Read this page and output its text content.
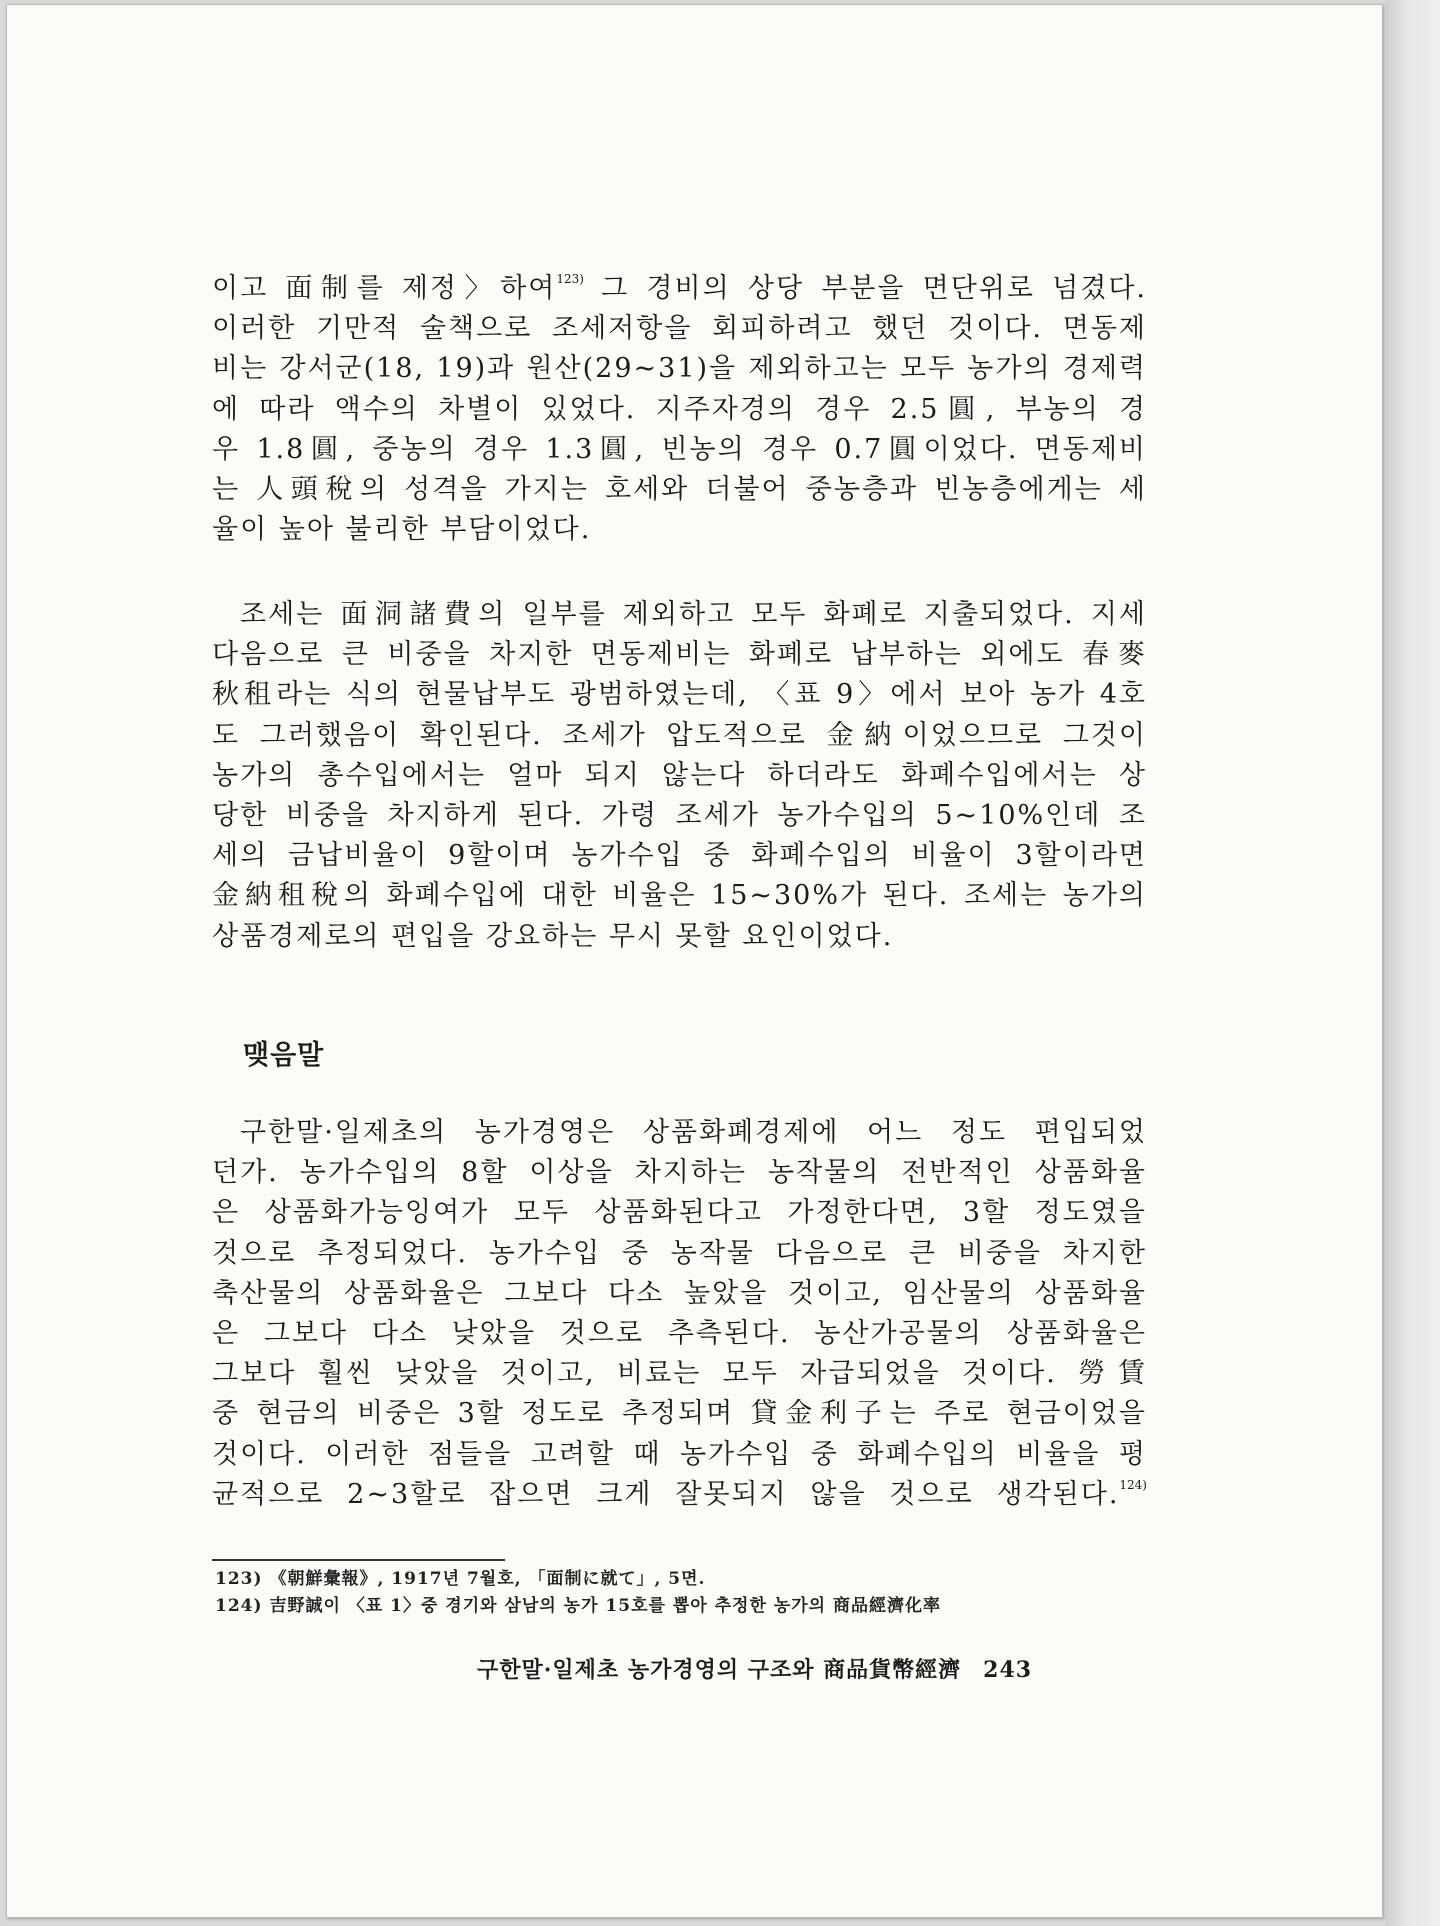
이고 面制를 제정〉하여$^{123)}$ 그 경비의 상당 부분을 면단위로 넘겼다.

이러한 기만적 술책으로 조세저항을 회피하려고 했던 것이다. 면동제

비는 강서군(18, 19)과 원산(29~31)을 제외하고는 모두 농가의 경제력

에 따라 액수의 차별이 있었다. 지주자경의 경우 2.5圓, 부농의 경

우 1.8圓, 중농의 경우 1.3圓, 빈농의 경우 0.7圓이었다. 면동제비

는 人頭稅의 성격을 가지는 호세와 더불어 중농층과 빈농층에게는 세

율이 높아 불리한 부담이었다.

조세는 面洞諸費의 일부를 제외하고 모두 화폐로 지출되었다. 지세

다음으로 큰 비중을 차지한 면동제비는 화폐로 납부하는 외에도 春麥

秋租라는 식의 현물납부도 광범하였는데, 〈표 9〉에서 보아 농가 4호

도 그러했음이 확인된다. 조세가 압도적으로 金納이었으므로 그것이

농가의 총수입에서는 얼마 되지 않는다 하더라도 화폐수입에서는 상

당한 비중을 차지하게 된다. 가령 조세가 농가수입의 5~10%인데 조

세의 금납비율이 9할이며 농가수입 중 화폐수입의 비율이 3할이라면

金納租稅의 화폐수입에 대한 비율은 15~30%가 된다. 조세는 농가의

상품경제로의 편입을 강요하는 무시 못할 요인이었다.

맺음말

구한말·일제초의 농가경영은 상품화폐경제에 어느 정도 편입되었

던가. 농가수입의 8할 이상을 차지하는 농작물의 전반적인 상품화율

은 상품화가능잉여가 모두 상품화된다고 가정한다면, 3할 정도였을

것으로 추정되었다. 농가수입 중 농작물 다음으로 큰 비중을 차지한

축산물의 상품화율은 그보다 다소 높았을 것이고, 임산물의 상품화율

은 그보다 다소 낮았을 것으로 추측된다. 농산가공물의 상품화율은

그보다 훨씬 낮았을 것이고, 비료는 모두 자급되었을 것이다. 勞賃

중 현금의 비중은 3할 정도로 추정되며 貸金利子는 주로 현금이었을

것이다. 이러한 점들을 고려할 때 농가수입 중 화폐수입의 비율을 평

균적으로 2~3할로 잡으면 크게 잘못되지 않을 것으로 생각된다.$^{124)}$

123) 《朝鮮彙報》, 1917년 7월호, 「面制に就て」, 5면.

124) 吉野誠이 〈표 1〉중 경기와 삼남의 농가 15호를 뽑아 추정한 농가의 商品經濟化率

구한말·일제초 농가경영의 구조와 商品貨幣經濟 243
